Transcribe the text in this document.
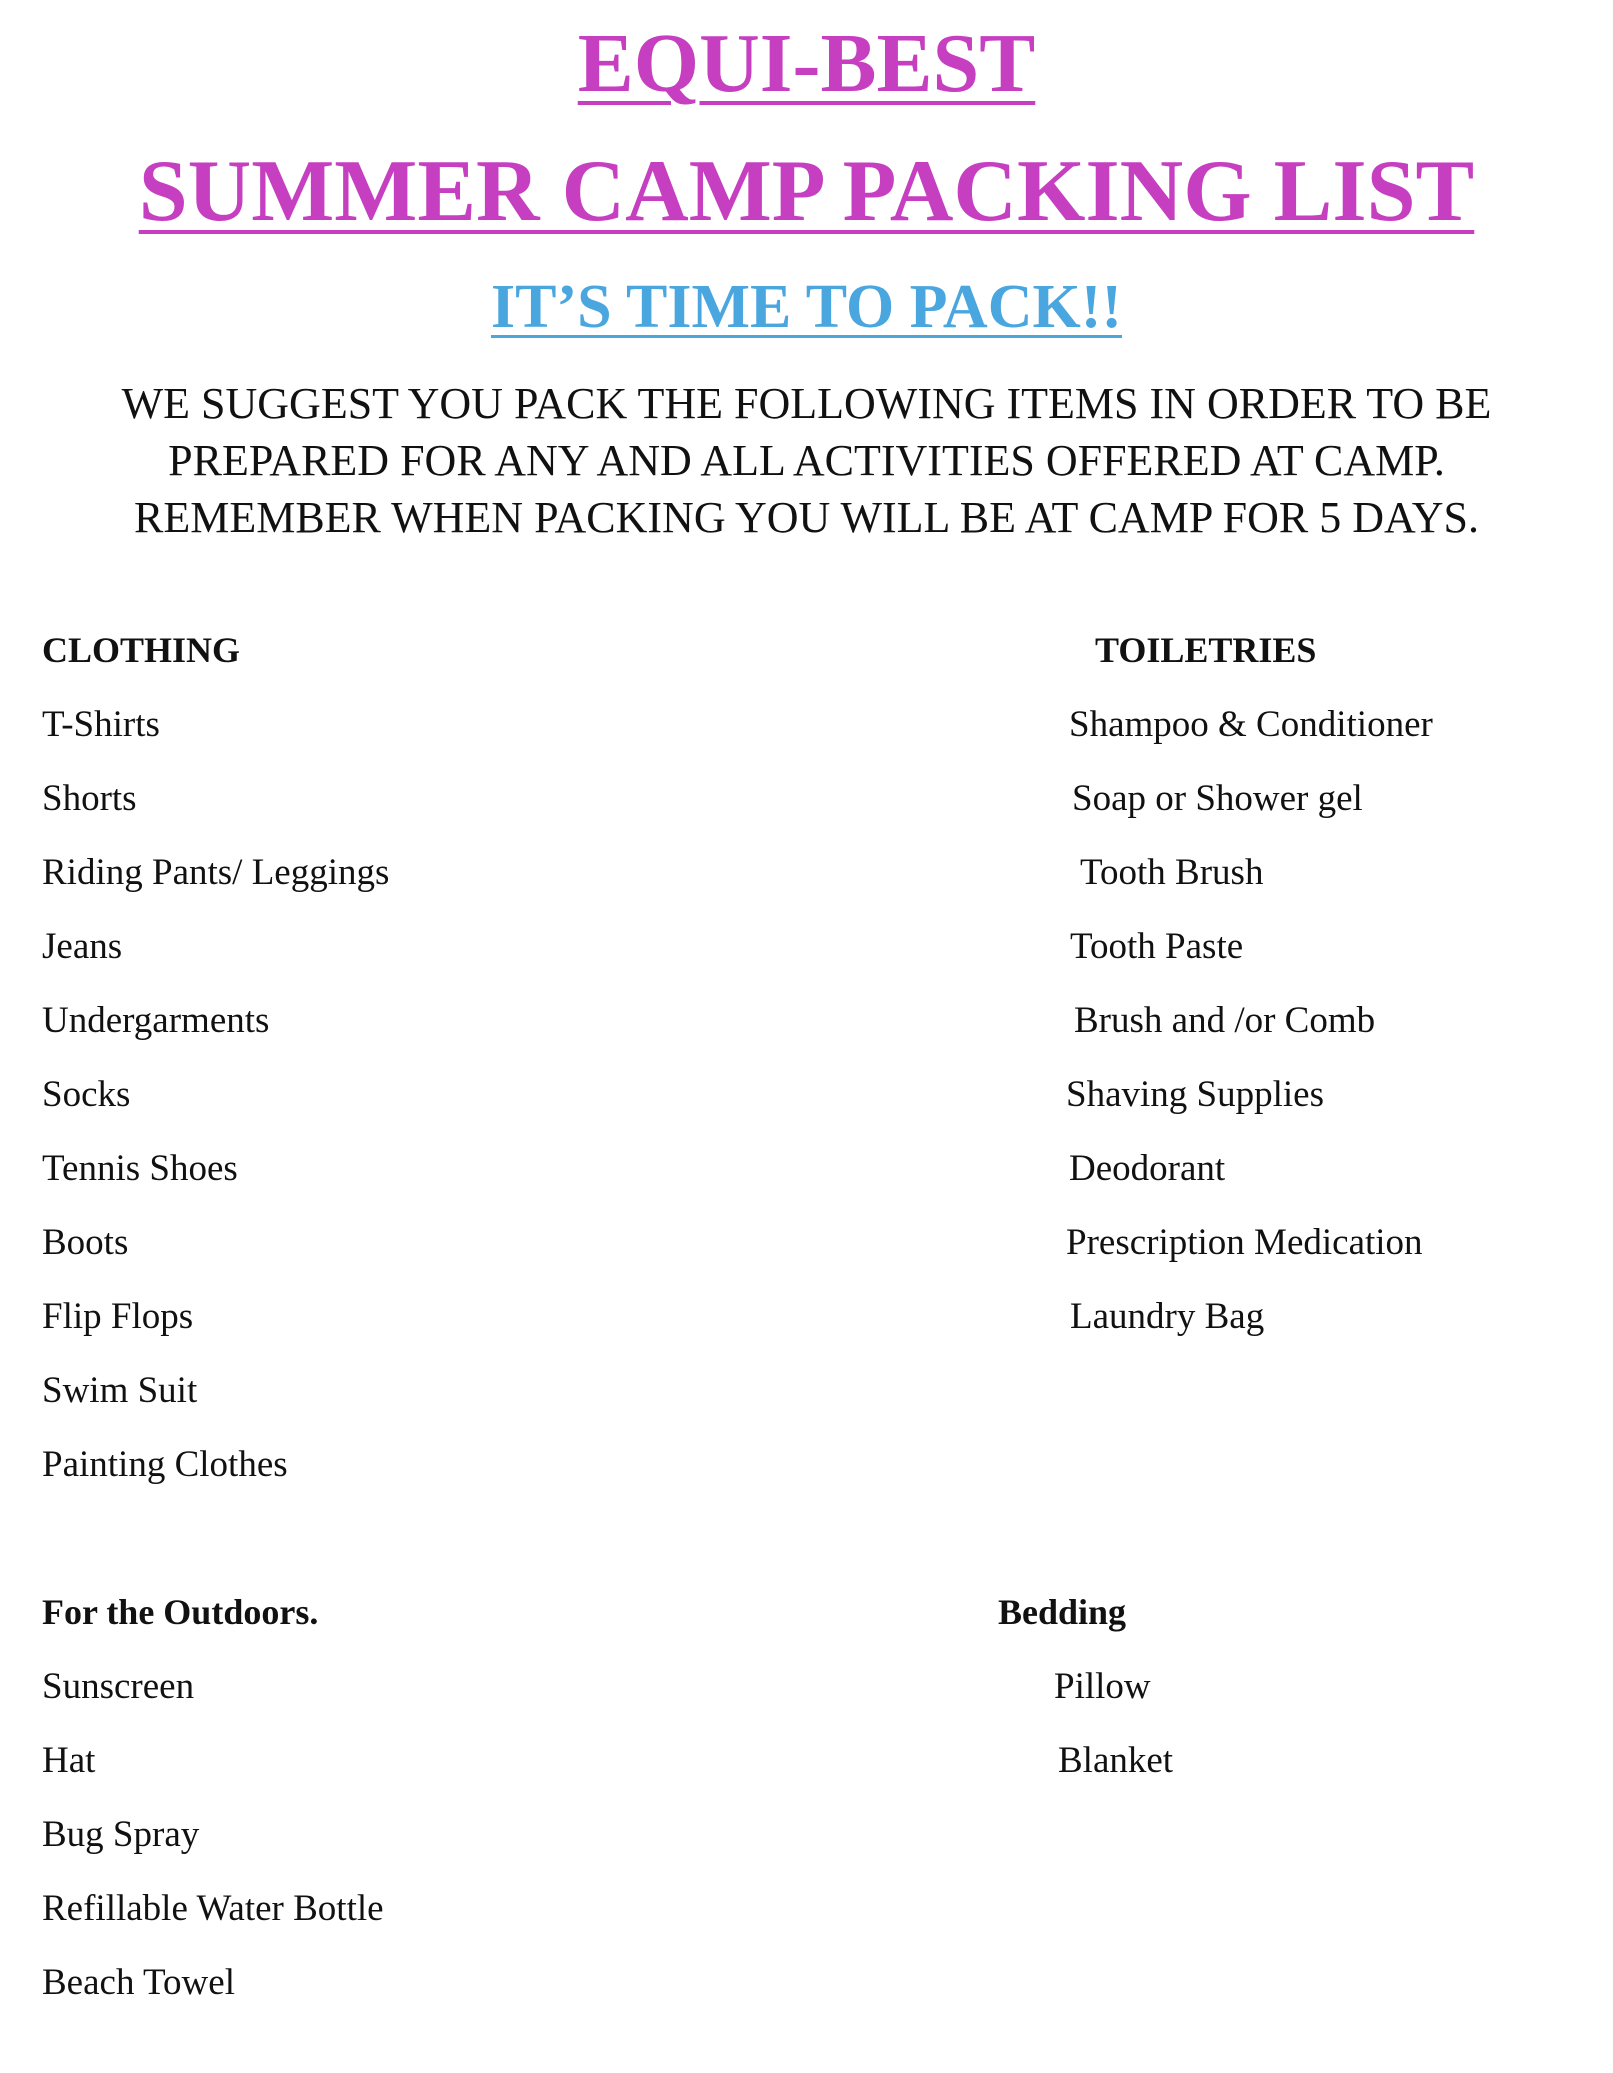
EQUI-BEST
SUMMER CAMP PACKING LIST
IT’S TIME TO PACK!!

WE SUGGEST YOU PACK THE FOLLOWING ITEMS IN ORDER TO BE PREPARED FOR ANY AND ALL ACTIVITIES OFFERED AT CAMP. REMEMBER WHEN PACKING YOU WILL BE AT CAMP FOR 5 DAYS.

CLOTHING
T-Shirts
Shorts
Riding Pants/ Leggings
Jeans
Undergarments
Socks
Tennis Shoes
Boots
Flip Flops
Swim Suit
Painting Clothes
TOILETRIES
Shampoo & Conditioner
Soap or Shower gel
Tooth Brush
Tooth Paste
Brush and /or Comb
Shaving Supplies
Deodorant
Prescription Medication
Laundry Bag
For the Outdoors.
Sunscreen
Hat
Bug Spray
Refillable Water Bottle
Beach Towel
Bedding
Pillow
Blanket
